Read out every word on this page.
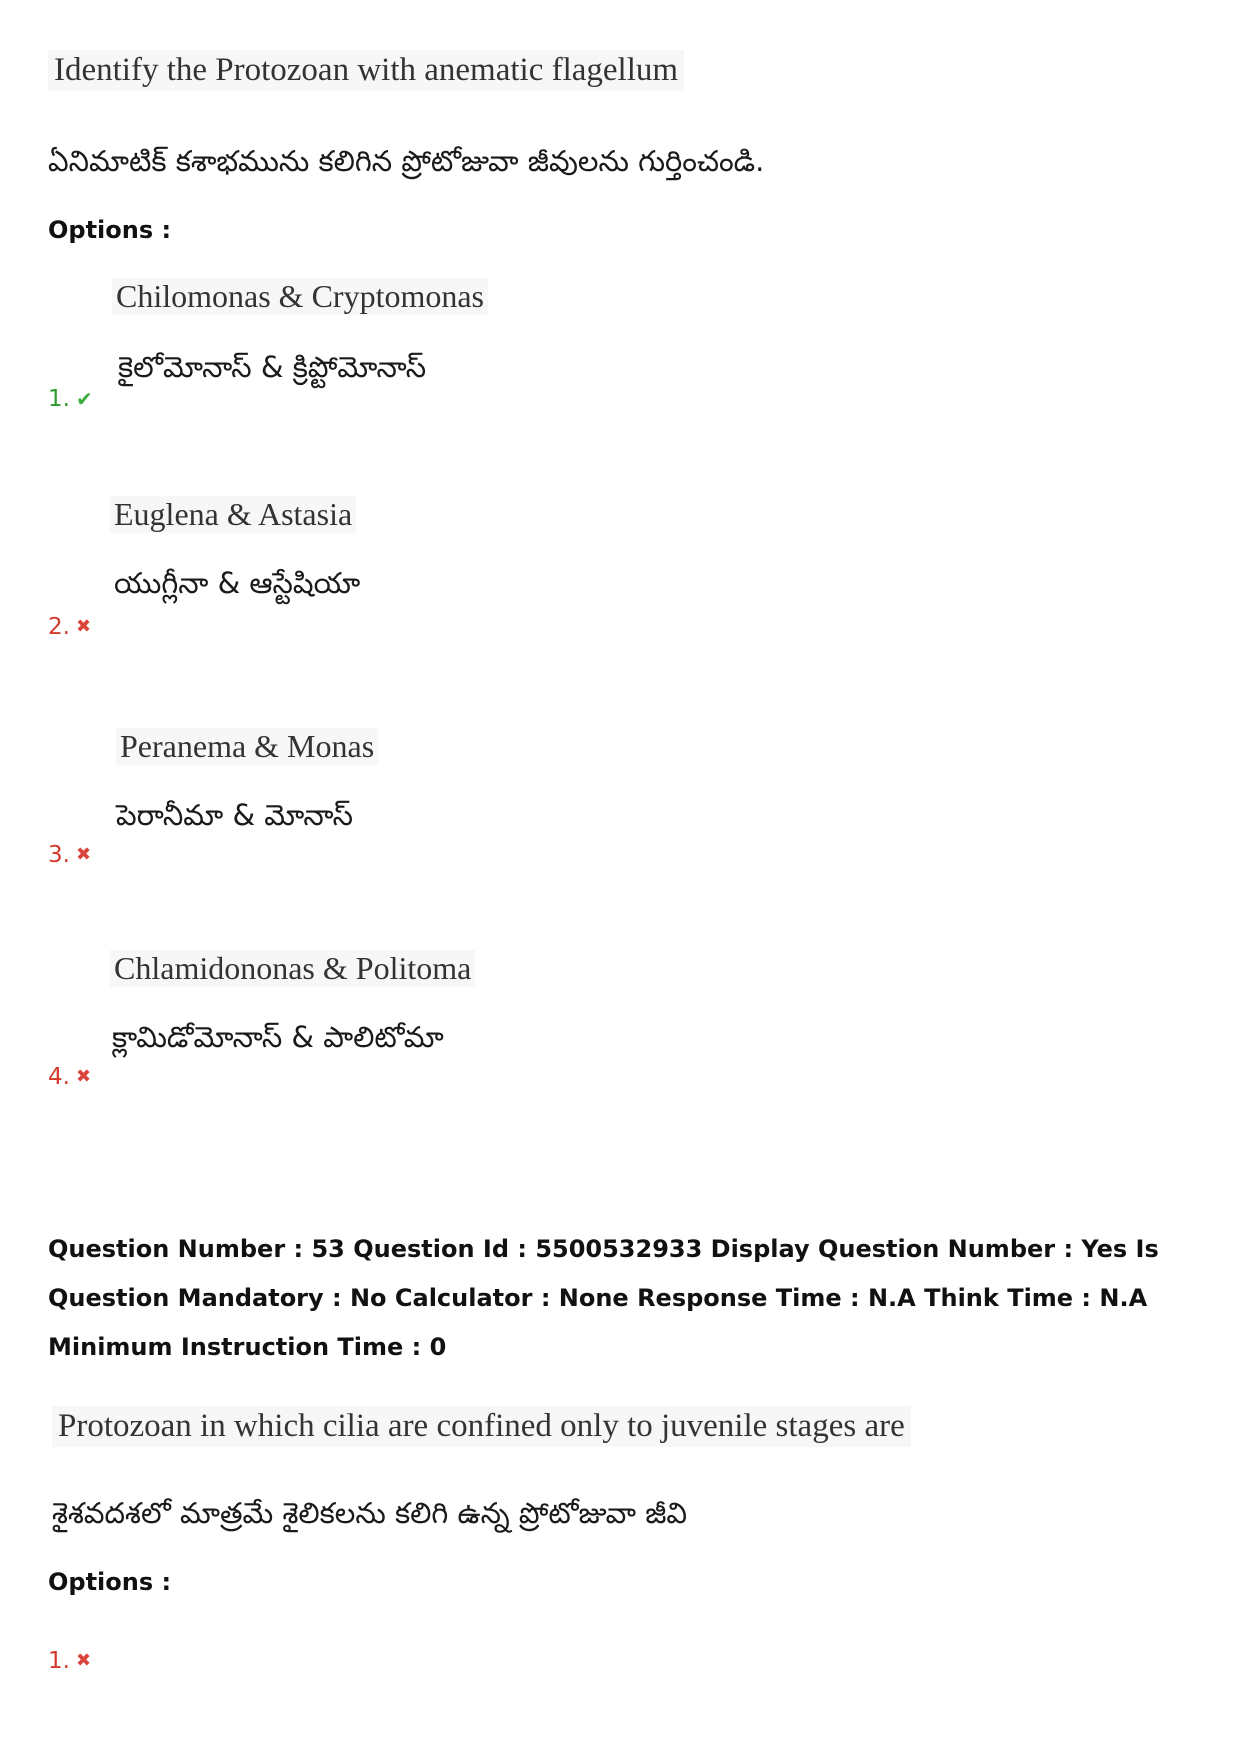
Identify the Protozoan with anematic flagellum
ఏనిమాటిక్ కశాభమును కలిగిన ప్రోటోజువా జీవులను గుర్తించండి.
Options :
Chilomonas & Cryptomonas
కైలోమోనాస్ & క్రిప్టోమోనాస్
1. ✔
Euglena & Astasia
యుగ్లీనా & ఆస్టేషియా
2. ✖
Peranema & Monas
పెరానీమా & మోనాస్
3. ✖
Chlamidononas & Politoma
క్లామిడోమోనాస్ & పాలిటోమా
4. ✖
Question Number : 53 Question Id : 5500532933 Display Question Number : Yes Is Question Mandatory : No Calculator : None Response Time : N.A Think Time : N.A Minimum Instruction Time : 0
Protozoan in which cilia are confined only to juvenile stages are
శైశవదశలో మాత్రమే శైలికలను కలిగి ఉన్న ప్రోటోజువా జీవి
Options :
1. ✖
